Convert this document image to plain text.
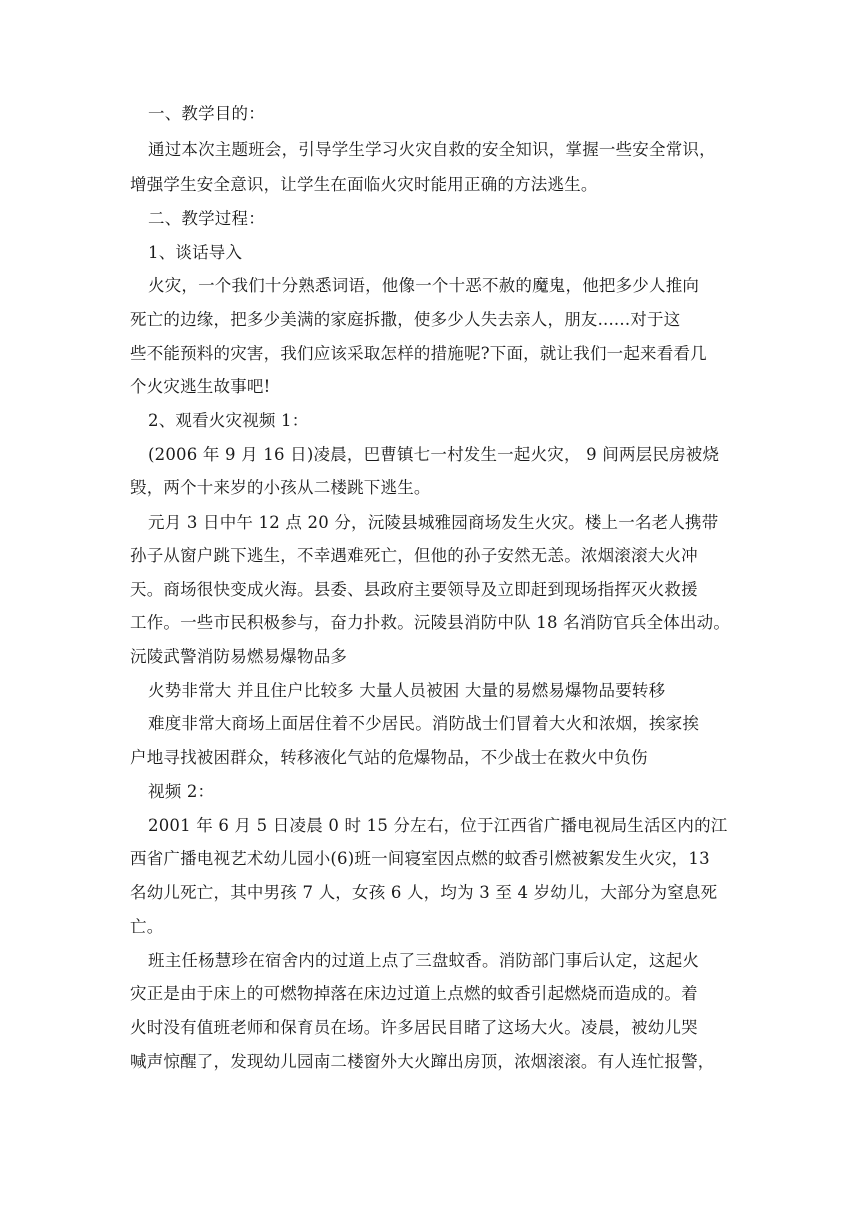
一、教学目的：
通过本次主题班会，引导学生学习火灾自救的安全知识，掌握一些安全常识，
增强学生安全意识，让学生在面临火灾时能用正确的方法逃生。
二、教学过程：
1、谈话导入
火灾，一个我们十分熟悉词语，他像一个十恶不赦的魔鬼，他把多少人推向
死亡的边缘，把多少美满的家庭拆撒，使多少人失去亲人，朋友......对于这
些不能预料的灾害，我们应该采取怎样的措施呢?下面，就让我们一起来看看几
个火灾逃生故事吧!
2、观看火灾视频 1：
(2006 年 9 月 16 日)凌晨，巴曹镇七一村发生一起火灾， 9 间两层民房被烧
毁，两个十来岁的小孩从二楼跳下逃生。
元月 3 日中午 12 点 20 分，沅陵县城雅园商场发生火灾。楼上一名老人携带
孙子从窗户跳下逃生，不幸遇难死亡，但他的孙子安然无恙。浓烟滚滚大火冲
天。商场很快变成火海。县委、县政府主要领导及立即赶到现场指挥灭火救援
工作。一些市民积极参与，奋力扑救。沅陵县消防中队 18 名消防官兵全体出动。
沅陵武警消防易燃易爆物品多
火势非常大 并且住户比较多 大量人员被困 大量的易燃易爆物品要转移
难度非常大商场上面居住着不少居民。消防战士们冒着大火和浓烟，挨家挨
户地寻找被困群众，转移液化气站的危爆物品，不少战士在救火中负伤
视频 2：
2001 年 6 月 5 日凌晨 0 时 15 分左右，位于江西省广播电视局生活区内的江
西省广播电视艺术幼儿园小(6)班一间寝室因点燃的蚊香引燃被絮发生火灾，13
名幼儿死亡，其中男孩 7 人，女孩 6 人，均为 3 至 4 岁幼儿，大部分为窒息死
亡。
班主任杨慧珍在宿舍内的过道上点了三盘蚊香。消防部门事后认定，这起火
灾正是由于床上的可燃物掉落在床边过道上点燃的蚊香引起燃烧而造成的。着
火时没有值班老师和保育员在场。许多居民目睹了这场大火。凌晨，被幼儿哭
喊声惊醒了，发现幼儿园南二楼窗外大火蹿出房顶，浓烟滚滚。有人连忙报警，
